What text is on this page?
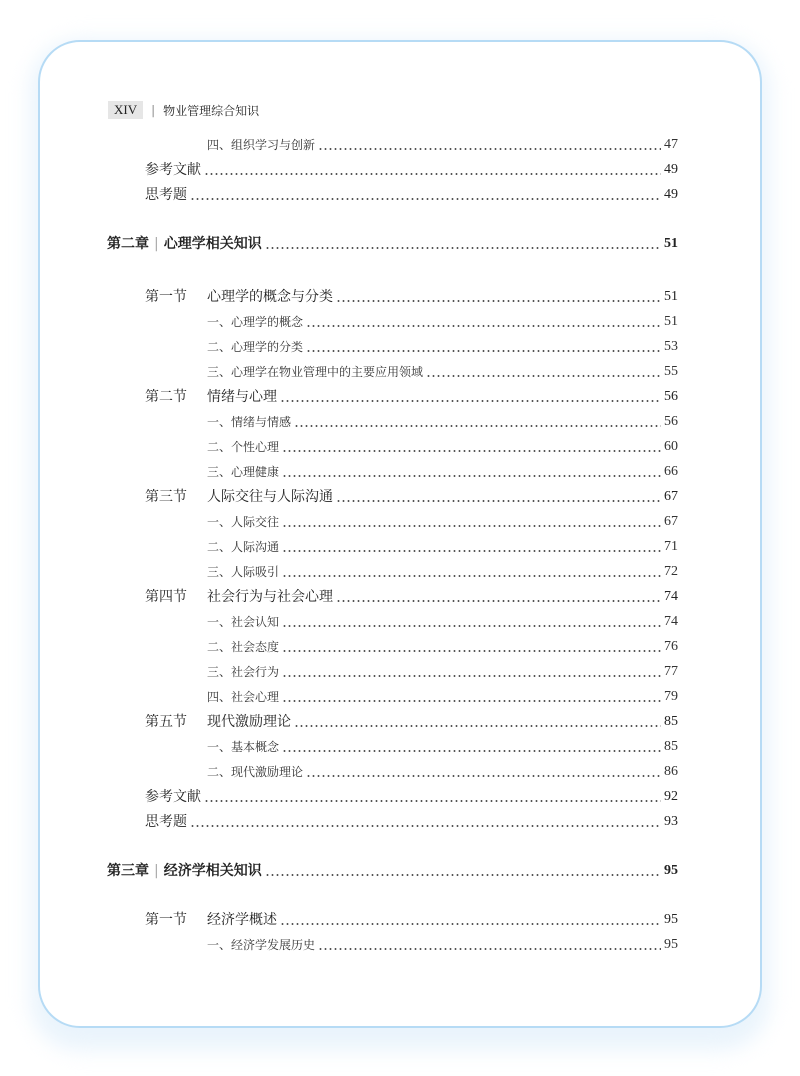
XIV	| 物业管理综合知识
四、组织学习与创新	47
参考文献	49
思考题	49
第二章 | 心理学相关知识	51
第一节 心理学的概念与分类	51
一、心理学的概念	51
二、心理学的分类	53
三、心理学在物业管理中的主要应用领域	55
第二节 情绪与心理	56
一、情绪与情感	56
二、个性心理	60
三、心理健康	66
第三节 人际交往与人际沟通	67
一、人际交往	67
二、人际沟通	71
三、人际吸引	72
第四节 社会行为与社会心理	74
一、社会认知	74
二、社会态度	76
三、社会行为	77
四、社会心理	79
第五节 现代激励理论	85
一、基本概念	85
二、现代激励理论	86
参考文献	92
思考题	93
第三章 | 经济学相关知识	95
第一节 经济学概述	95
一、经济学发展历史	95
